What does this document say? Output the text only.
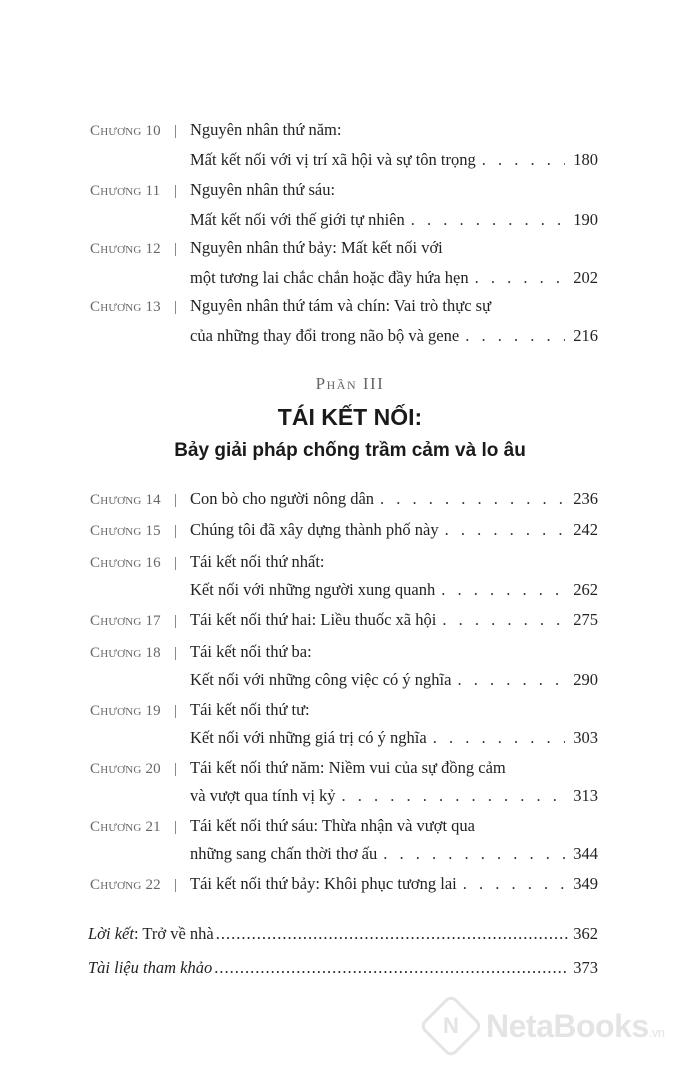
Chương 10 | Nguyên nhân thứ năm:
Mất kết nối với vị trí xã hội và sự tôn trọng . . .	180
Chương 11 | Nguyên nhân thứ sáu:
Mất kết nối với thế giới tự nhiên . . .	190
Chương 12 | Nguyên nhân thứ bảy: Mất kết nối với
một tương lai chắc chắn hoặc đầy hứa hẹn . . .	202
Chương 13 | Nguyên nhân thứ tám và chín: Vai trò thực sự
của những thay đổi trong não bộ và gene . . .	216
Phần III
TÁI KẾT NỐI:
Bảy giải pháp chống trầm cảm và lo âu
Chương 14 | Con bò cho người nông dân . . .	236
Chương 15 | Chúng tôi đã xây dựng thành phố này . . .	242
Chương 16 | Tái kết nối thứ nhất:
Kết nối với những người xung quanh . . .	262
Chương 17 | Tái kết nối thứ hai: Liều thuốc xã hội . . .	275
Chương 18 | Tái kết nối thứ ba:
Kết nối với những công việc có ý nghĩa . . .	290
Chương 19 | Tái kết nối thứ tư:
Kết nối với những giá trị có ý nghĩa . . .	303
Chương 20 | Tái kết nối thứ năm: Niềm vui của sự đồng cảm
và vượt qua tính vị kỷ . . .	313
Chương 21 | Tái kết nối thứ sáu: Thừa nhận và vượt qua
những sang chấn thời thơ ấu . . .	344
Chương 22 | Tái kết nối thứ bảy: Khôi phục tương lai . . .	349
Lời kết: Trở về nhà .....	362
Tài liệu tham khảo .....	373
N NetaBooks.vn
